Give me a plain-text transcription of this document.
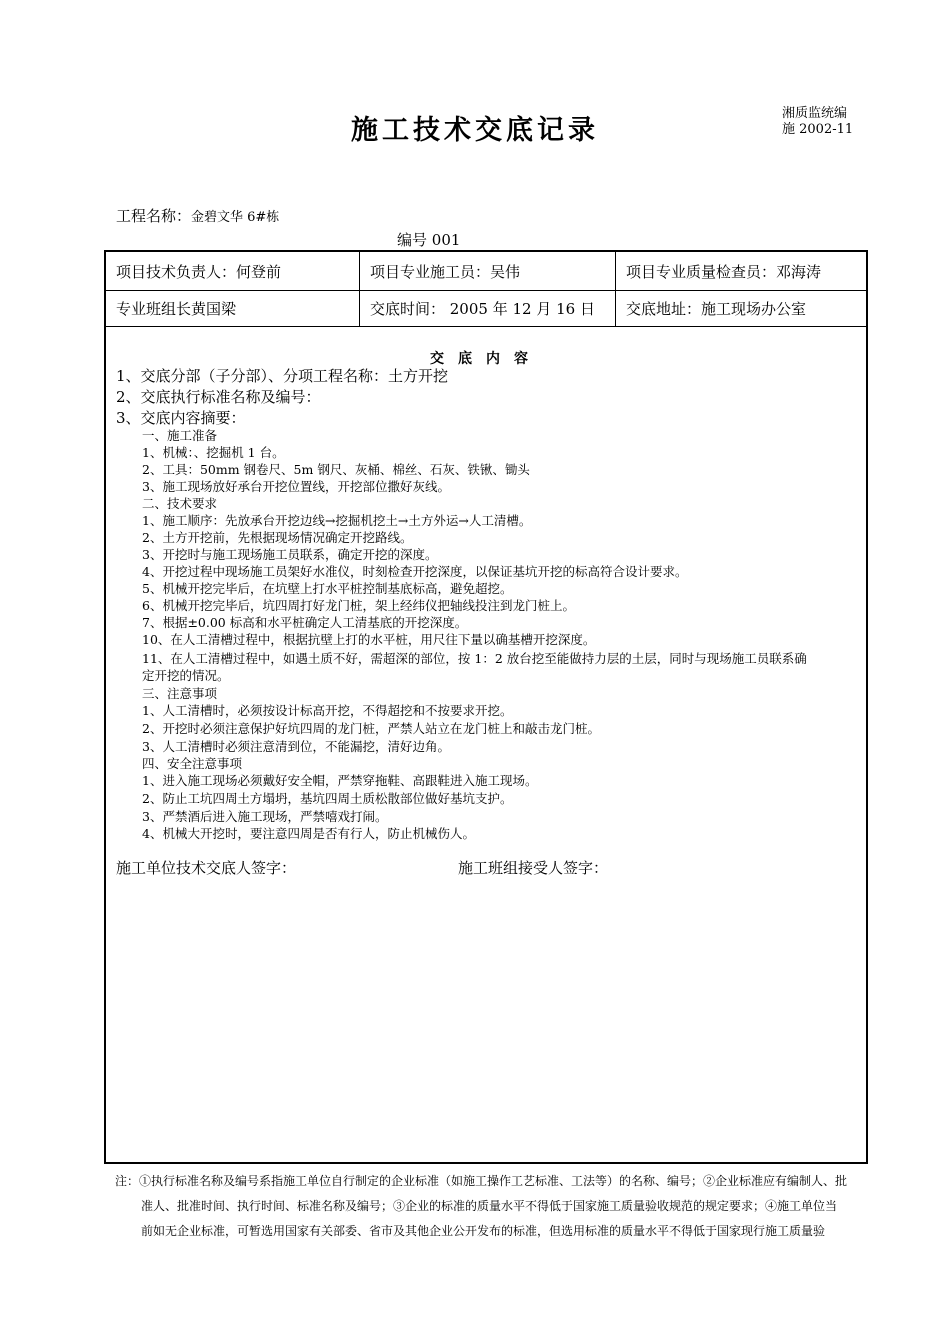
施工技术交底记录
湘质监统编
施 2002-11
工程名称：金碧文华 6#栋
编号 001
项目技术负责人：何登前	项目专业施工员：吴伟	项目专业质量检查员：邓海涛
专业班组长黄国梁	交底时间： 2005 年 12 月 16 日	交底地址：施工现场办公室
交底内容
1、交底分部（子分部）、分项工程名称：土方开挖
2、交底执行标准名称及编号：
3、交底内容摘要：
一、施工准备
1、机械：、挖掘机 1 台。
2、工具：50mm 钢卷尺、5m 钢尺、灰桶、棉丝、石灰、铁锹、锄头
3、施工现场放好承台开挖位置线，开挖部位撒好灰线。
二、技术要求
1、施工顺序：先放承台开挖边线→挖掘机挖土→土方外运→人工清槽。
2、土方开挖前，先根据现场情况确定开挖路线。
3、开挖时与施工现场施工员联系，确定开挖的深度。
4、开挖过程中现场施工员架好水准仪，时刻检查开挖深度，以保证基坑开挖的标高符合设计要求。
5、机械开挖完毕后，在坑壁上打水平桩控制基底标高，避免超挖。
6、机械开挖完毕后，坑四周打好龙门桩，架上经纬仪把轴线投注到龙门桩上。
7、根据±0.00 标高和水平桩确定人工清基底的开挖深度。
10、在人工清槽过程中，根据抗壁上打的水平桩，用尺往下量以确基槽开挖深度。
11、在人工清槽过程中，如遇土质不好，需超深的部位，按 1：2 放台挖至能做持力层的土层，同时与现场施工员联系确
定开挖的情况。
三、注意事项
1、人工清槽时，必须按设计标高开挖，不得超挖和不按要求开挖。
2、开挖时必须注意保护好坑四周的龙门桩，严禁人站立在龙门桩上和敲击龙门桩。
3、人工清槽时必须注意清到位，不能漏挖，清好边角。
四、安全注意事项
1、进入施工现场必须戴好安全帽，严禁穿拖鞋、高跟鞋进入施工现场。
2、防止工坑四周土方塌坍，基坑四周土质松散部位做好基坑支护。
3、严禁酒后进入施工现场，严禁嘻戏打闹。
4、机械大开挖时，要注意四周是否有行人，防止机械伤人。
施工单位技术交底人签字：	施工班组接受人签字：
注：①执行标准名称及编号系指施工单位自行制定的企业标准（如施工操作工艺标准、工法等）的名称、编号；②企业标准应有编制人、批
准人、批准时间、执行时间、标准名称及编号；③企业的标准的质量水平不得低于国家施工质量验收规范的规定要求；④施工单位当
前如无企业标准，可暂选用国家有关部委、省市及其他企业公开发布的标准，但选用标准的质量水平不得低于国家现行施工质量验
